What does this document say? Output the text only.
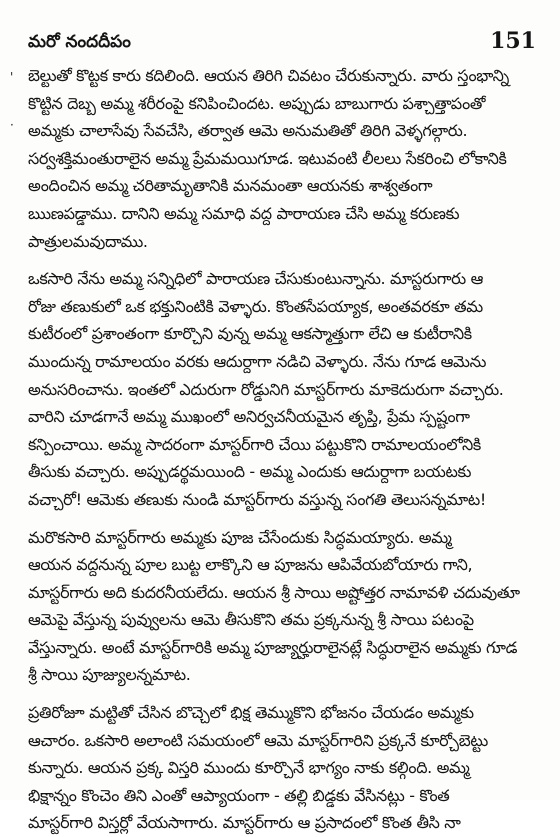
'
·
మరో నందదీపం	151
బెల్టుతో కొట్టక కారు కదిలింది. ఆయన తిరిగి చివటం చేరుకున్నారు. వారు స్తంభాన్ని
కొట్టిన దెబ్బ అమ్మ శరీరంపై కనిపించిందట. అప్పుడు బాబుగారు పశ్చాత్తాపంతో
అమ్మకు చాలాసేవు సేవచేసి, తర్వాత ఆమె అనుమతితో తిరిగి వెళ్ళగల్గారు.
సర్వశక్తిమంతురాలైన అమ్మ ప్రేమమయిగూడ. ఇటువంటి లీలలు సేకరించి లోకానికి
అందించిన అమ్మ చరితామృతానికి మనమంతా ఆయనకు శాశ్వతంగా
ఋణపడ్డాము. దానిని అమ్మ సమాధి వద్ద పారాయణ చేసి అమ్మ కరుణకు
పాత్రులమవుదాము.
ఒకసారి నేను అమ్మ సన్నిధిలో పారాయణ చేసుకుంటున్నాను. మాస్టరుగారు ఆ
రోజు తణుకులో ఒక భక్తునింటికి వెళ్ళారు. కొంతసేపయ్యాక, అంతవరకూ తమ
కుటీరంలో ప్రశాంతంగా కూర్చొని వున్న అమ్మ ఆకస్మాత్తుగా లేచి ఆ కుటీరానికి
ముందున్న రామాలయం వరకు ఆదుర్దాగా నడిచి వెళ్ళారు. నేను గూడ ఆమెను
అనుసరించాను. ఇంతలో ఎదురుగా రోడ్డునిగి మాస్టర్‌గారు మాకెదురుగా వచ్చారు.
వారిని చూడగానే అమ్మ ముఖంలో అనిర్వచనీయమైన తృప్తి, ప్రేమ స్పష్టంగా
కన్పించాయి. అమ్మ సాదరంగా మాస్టర్‌గారి చేయి పట్టుకొని రామాలయంలోనికి
తీసుకు వచ్చారు. అప్పుడర్థమయింది - అమ్మ ఎందుకు ఆదుర్దాగా బయటకు
వచ్చారో! ఆమెకు తణుకు నుండి మాస్టర్‌గారు వస్తున్న సంగతి తెలుసన్నమాట!
మరొకసారి మాస్టర్‌గారు అమ్మకు పూజ చేసేందుకు సిద్ధమయ్యారు. అమ్మ
ఆయన వద్దనున్న పూల బుట్ట లాక్కొని ఆ పూజను ఆపివేయబోయారు గాని,
మాస్టర్‌గారు అది కుదరనీయలేదు. ఆయన శ్రీ సాయి అష్టోత్తర నామావళి చదువుతూ
ఆమెపై వేస్తున్న పువ్వులను ఆమె తీసుకొని తమ ప్రక్కనున్న శ్రీ సాయి పటంపై
వేస్తున్నారు. అంటే మాస్టర్‌గారికి అమ్మ పూజ్యార్హురాలైనట్లే సిద్ధురాలైన అమ్మకు గూడ
శ్రీ సాయి పూజ్యులన్నమాట.
ప్రతిరోజూ మట్టితో చేసిన బొచ్చెలో భిక్ష తెమ్ముకొని భోజనం చేయడం అమ్మకు
ఆచారం. ఒకసారి అలాంటి సమయంలో ఆమె మాస్టర్‌గారిని ప్రక్కనే కూర్చోబెట్టు
కున్నారు. ఆయన ప్రక్క విస్తరి ముందు కూర్చొనే భాగ్యం నాకు కల్గింది. అమ్మ
భిక్షాన్నం కొంచెం తిని ఎంతో ఆప్యాయంగా - తల్లి బిడ్డకు వేసినట్లు - కొంత
మాస్టర్‌గారి విస్తర్లో వేయసాగారు. మాస్టర్‌గారు ఆ ప్రసాదంలో కొంత తీసి నా
